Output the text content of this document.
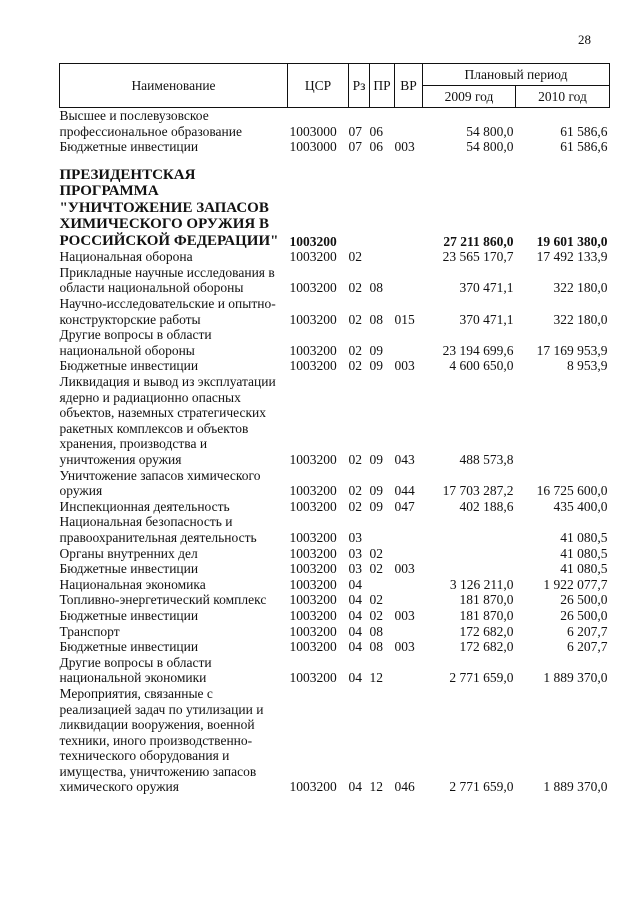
28
Наименование	ЦСР	Рз	ПР	ВР	Плановый период	
					2009 год	2010 год
Высшее и послевузовское профессиональное образование	1003000	07	06		54 800,0	61 586,6
Бюджетные инвестиции	1003000	07	06	003	54 800,0	61 586,6
ПРЕЗИДЕНТСКАЯ ПРОГРАММА "УНИЧТОЖЕНИЕ ЗАПАСОВ ХИМИЧЕСКОГО ОРУЖИЯ В РОССИЙСКОЙ ФЕДЕРАЦИИ"	1003200				27 211 860,0	19 601 380,0
Национальная оборона	1003200	02			23 565 170,7	17 492 133,9
Прикладные научные исследования в области национальной обороны	1003200	02	08		370 471,1	322 180,0
Научно-исследовательские и опытно-конструкторские работы	1003200	02	08	015	370 471,1	322 180,0
Другие вопросы в области национальной обороны	1003200	02	09		23 194 699,6	17 169 953,9
Бюджетные инвестиции	1003200	02	09	003	4 600 650,0	8 953,9
Ликвидация и вывод из эксплуатации ядерно и радиационно опасных объектов, наземных стратегических ракетных комплексов и объектов хранения, производства и уничтожения оружия	1003200	02	09	043	488 573,8	
Уничтожение запасов химического оружия	1003200	02	09	044	17 703 287,2	16 725 600,0
Инспекционная деятельность	1003200	02	09	047	402 188,6	435 400,0
Национальная безопасность и правоохранительная деятельность	1003200	03				41 080,5
Органы внутренних дел	1003200	03	02			41 080,5
Бюджетные инвестиции	1003200	03	02	003		41 080,5
Национальная экономика	1003200	04			3 126 211,0	1 922 077,7
Топливно-энергетический комплекс	1003200	04	02		181 870,0	26 500,0
Бюджетные инвестиции	1003200	04	02	003	181 870,0	26 500,0
Транспорт	1003200	04	08		172 682,0	6 207,7
Бюджетные инвестиции	1003200	04	08	003	172 682,0	6 207,7
Другие вопросы в области национальной экономики	1003200	04	12		2 771 659,0	1 889 370,0
Мероприятия, связанные с реализацией задач по утилизации и ликвидации вооружения, военной техники, иного производственно-технического оборудования и имущества, уничтожению запасов химического оружия	1003200	04	12	046	2 771 659,0	1 889 370,0
